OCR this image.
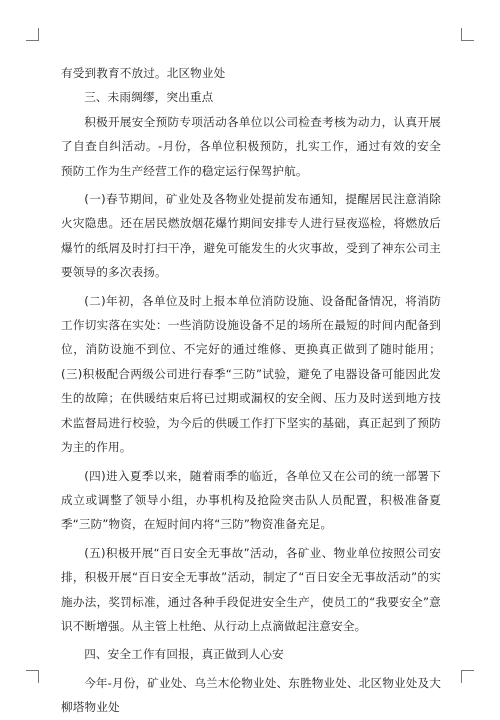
有受到教育不放过。北区物业处

三、未雨绸缪，突出重点

积极开展安全预防专项活动各单位以公司检查考核为动力，认真开展了自查自纠活动。-月份，各单位积极预防，扎实工作，通过有效的安全预防工作为生产经营工作的稳定运行保驾护航。

(一)春节期间，矿业处及各物业处提前发布通知，提醒居民注意消除火灾隐患。还在居民燃放烟花爆竹期间安排专人进行昼夜巡检，将燃放后爆竹的纸屑及时打扫干净，避免可能发生的火灾事故，受到了神东公司主要领导的多次表扬。

(二)年初，各单位及时上报本单位消防设施、设备配备情况，将消防工作切实落在实处：一些消防设施设备不足的场所在最短的时间内配备到位，消防设施不到位、不完好的通过维修、更换真正做到了随时能用；(三)积极配合两级公司进行春季“三防”试验，避免了电器设备可能因此发生的故障；在供暖结束后将已过期或漏权的安全阀、压力及时送到地方技术监督局进行校验，为今后的供暖工作打下坚实的基础，真正起到了预防为主的作用。

(四)进入夏季以来，随着雨季的临近，各单位又在公司的统一部署下成立或调整了领导小组，办事机构及抢险突击队人员配置，积极准备夏季“三防”物资，在短时间内将“三防”物资准备充足。

(五)积极开展“百日安全无事故”活动，各矿业、物业单位按照公司安排，积极开展“百日安全无事故”活动，制定了“百日安全无事故活动”的实施办法，奖罚标准，通过各种手段促进安全生产，使员工的“我要安全”意识不断增强。从主管上杜绝、从行动上点滴做起注意安全。

四、安全工作有回报，真正做到人心安

今年-月份，矿业处、乌兰木伦物业处、东胜物业处、北区物业处及大柳塔物业处
